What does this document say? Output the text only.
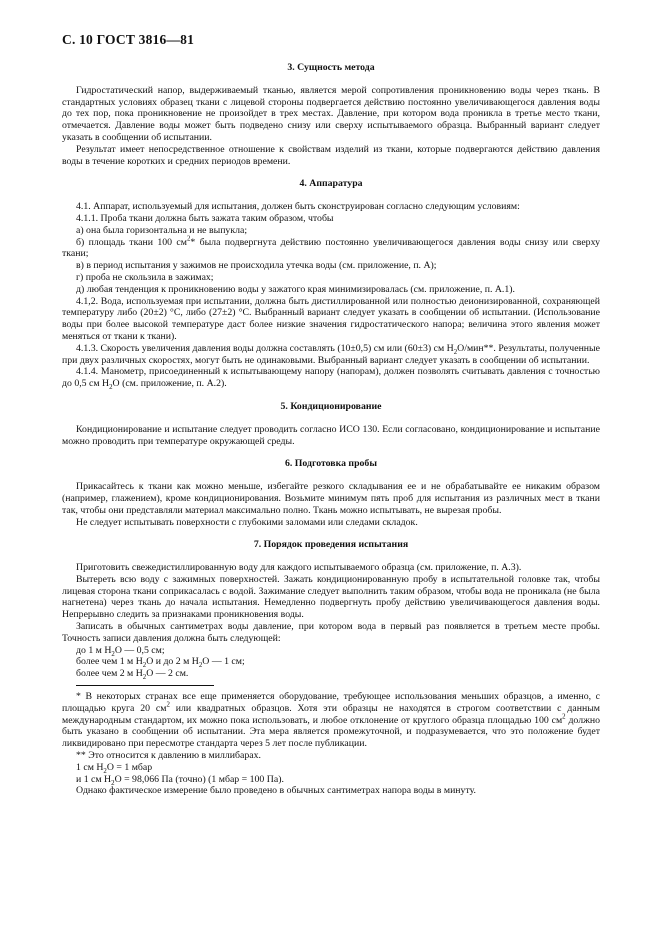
С. 10 ГОСТ 3816—81
3. Сущность метода

Гидростатический напор, выдерживаемый тканью, является мерой сопротивления проникновению воды через ткань. В стандартных условиях образец ткани с лицевой стороны подвергается действию постоянно увеличивающегося давления воды до тех пор, пока проникновение не произойдет в трех местах. Давление, при котором вода проникла в третье место ткани, отмечается. Давление воды может быть подведено снизу или сверху испытываемого образца. Выбранный вариант следует указать в сообщении об испытании.

Результат имеет непосредственное отношение к свойствам изделий из ткани, которые подвергаются действию давления воды в течение коротких и средних периодов времени.

4. Аппаратура

4.1. Аппарат, используемый для испытания, должен быть сконструирован согласно следующим условиям:

4.1.1. Проба ткани должна быть зажата таким образом, чтобы

а) она была горизонтальна и не выпукла;

б) площадь ткани 100 $см^2*$ была подвергнута действию постоянно увеличивающегося давления воды снизу или сверху ткани;

в) в период испытания у зажимов не происходила утечка воды (см. приложение, п. А);

г) проба не скользила в зажимах;

д) любая тенденция к проникновению воды у зажатого края минимизировалась (см. приложение, п. А.1).

4.1,2. Вода, используемая при испытании, должна быть дистиллированной или полностью деионизированной, сохраняющей температуру либо (20±2) °С, либо (27±2) °С. Выбранный вариант следует указать в сообщении об испытании. (Использование воды при более высокой температуре даст более низкие значения гидростатического напора; величина этого явления может меняться от ткани к ткани).

4.1.3. Скорость увеличения давления воды должна составлять (10±0,5) см или (60±3) см $Н_2О/мин**$. Результаты, полученные при двух различных скоростях, могут быть не одинаковыми. Выбранный вариант следует указать в сообщении об испытании.

4.1.4. Манометр, присоединенный к испытывающему напору (напорам), должен позволять считывать давления с точностью до 0,5 см $Н_2О$ (см. приложение, п. А.2).

5. Кондиционирование

Кондиционирование и испытание следует проводить согласно ИСО 130. Если согласовано, кондиционирование и испытание можно проводить при температуре окружающей среды.

6. Подготовка пробы

Прикасайтесь к ткани как можно меньше, избегайте резкого складывания ее и не обрабатывайте ее никаким образом (например, глажением), кроме кондиционирования. Возьмите минимум пять проб для испытания из различных мест в ткани так, чтобы они представляли материал максимально полно. Ткань можно испытывать, не вырезая пробы.

Не следует испытывать поверхности с глубокими заломами или следами складок.

7. Порядок проведения испытания

Приготовить свежедистиллированную воду для каждого испытываемого образца (см. приложение, п. А.3).

Вытереть всю воду с зажимных поверхностей. Зажать кондиционированную пробу в испытательной головке так, чтобы лицевая сторона ткани соприкасалась с водой. Зажимание следует выполнить таким образом, чтобы вода не проникала (не была нагнетена) через ткань до начала испытания. Немедленно подвергнуть пробу действию увеличивающегося давления воды. Непрерывно следить за признаками проникновения воды.

Записать в обычных сантиметрах воды давление, при котором вода в первый раз появляется в третьем месте пробы. Точность записи давления должна быть следующей:

до 1 м $Н_2О$ — 0,5 см;

более чем 1 м $Н_2О$ и до 2 м $Н_2О$ — 1 см;

более чем 2 м $Н_2О$ — 2 см.

* В некоторых странах все еще применяется оборудование, требующее использования меньших образцов, а именно, с площадью круга 20 $см^2$ или квадратных образцов. Хотя эти образцы не находятся в строгом соответствии с данным международным стандартом, их можно пока использовать, и любое отклонение от круглого образца площадью 100 $см^2$ должно быть указано в сообщении об испытании. Эта мера является промежуточной, и подразумевается, что это положение будет ликвидировано при пересмотре стандарта через 5 лет после публикации.

** Это относится к давлению в миллибарах.

1 см $Н_2О = 1$ мбар

и 1 см $Н_2О = 98,066$ Па (точно) (1 мбар = 100 Па).

Однако фактическое измерение было проведено в обычных сантиметрах напора воды в минуту.
